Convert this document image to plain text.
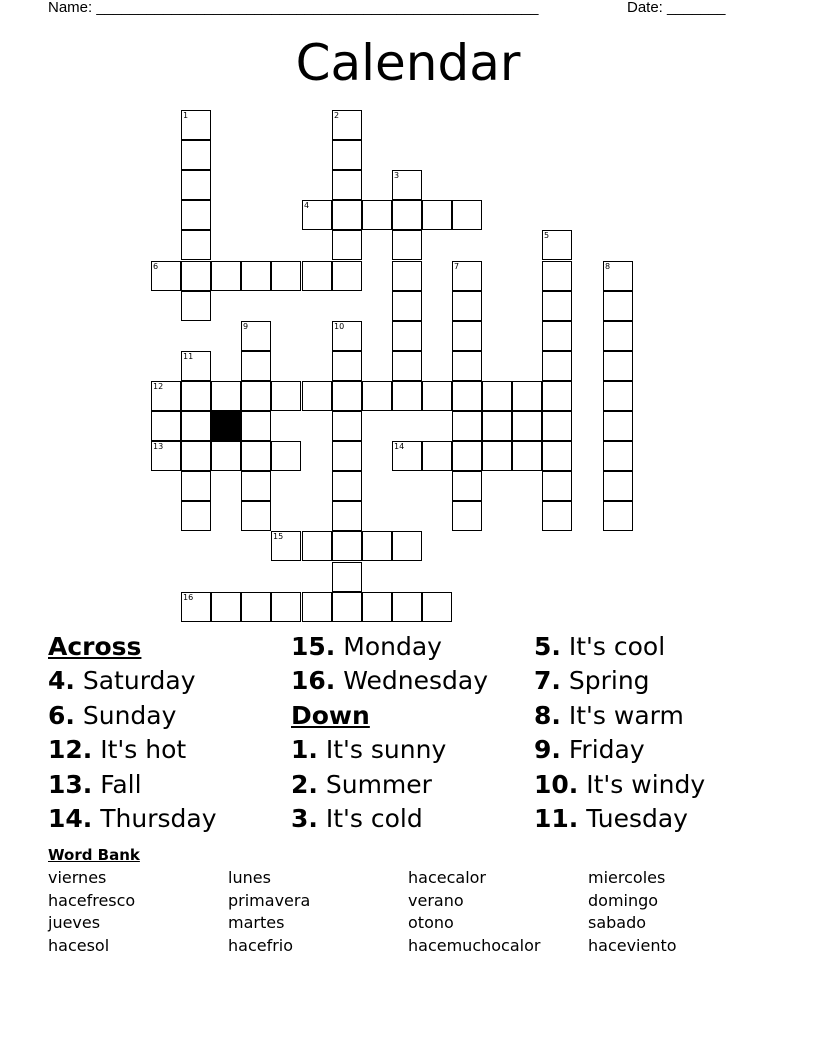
Name: _____________________________________________________	Date: _______
Calendar
1	2
3
4
5
6	7	8
9	10
11
12
13	14
15
16
Across
4. Saturday
6. Sunday
12. It's hot
13. Fall
14. Thursday
15. Monday
16. Wednesday
Down
1. It's sunny
2. Summer
3. It's cold
5. It's cool
7. Spring
8. It's warm
9. Friday
10. It's windy
11. Tuesday
Word Bank
viernes	lunes	hacecalor	miercoles
hacefresco	primavera	verano	domingo
jueves	martes	otono	sabado
hacesol	hacefrio	hacemuchocalor	haceviento
